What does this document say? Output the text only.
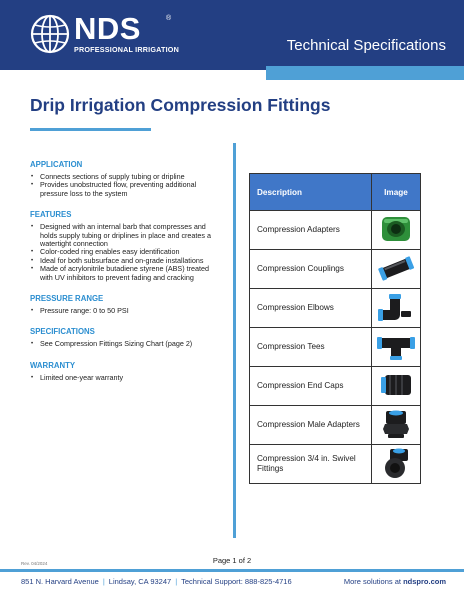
NDS	®
PROFESSIONAL IRRIGATION	Technical Specifications
Drip Irrigation Compression Fittings
APPLICATION
• Connects sections of supply tubing or dripline
• Provides unobstructed flow, preventing additional pressure loss to the system
FEATURES
• Designed with an internal barb that compresses and holds supply tubing or driplines in place and creates a watertight connection
• Color-coded ring enables easy identification
• Ideal for both subsurface and on-grade installations
• Made of acrylonitrile butadiene styrene (ABS) treated with UV inhibitors to prevent fading and cracking
PRESSURE RANGE
• Pressure range: 0 to 50 PSI
SPECIFICATIONS
• See Compression Fittings Sizing Chart (page 2)
WARRANTY
• Limited one-year warranty
Description	Image
Compression Adapters	
Compression Couplings	
Compression Elbows	
Compression Tees	
Compression End Caps	
Compression Male Adapters	
Compression 3/4 in. Swivel Fittings	
Rev. 04/2024	Page 1 of 2
851 N. Harvard Avenue | Lindsay, CA 93247 | Technical Support: 888-825-4716	More solutions at ndspro.com
